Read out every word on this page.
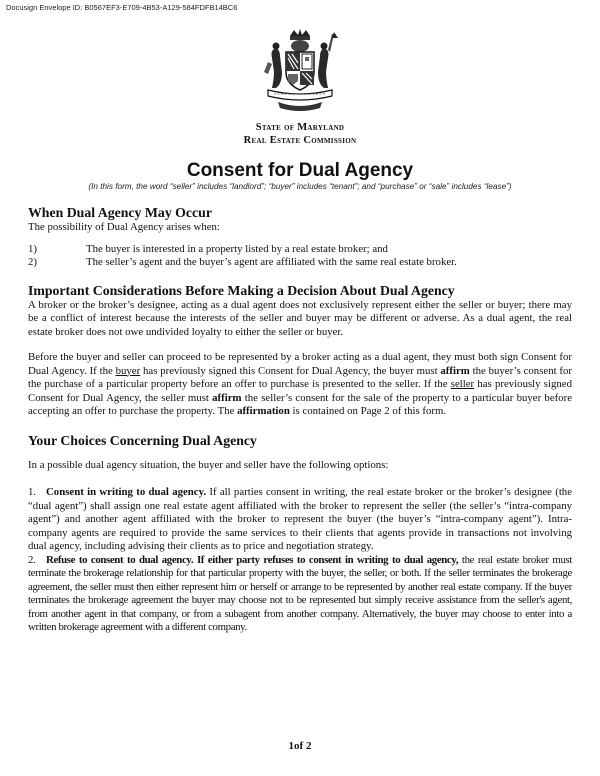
Docusign Envelope ID: B0567EF3-E709-4B53-A129-584FDFB14BC6
State of Maryland
Real Estate Commission
Consent for Dual Agency
(In this form, the word “seller” includes “landlord”; “buyer” includes “tenant”; and “purchase” or “sale” includes “lease”)
When Dual Agency May Occur

The possibility of Dual Agency arises when:

1)	The buyer is interested in a property listed by a real estate broker; and
2)	The seller’s agent and the buyer’s agent are affiliated with the same real estate broker.
Important Considerations Before Making a Decision About Dual Agency

A broker or the broker’s designee, acting as a dual agent does not exclusively represent either the seller or buyer; there may be a conflict of interest because the interests of the seller and buyer may be different or adverse. As a dual agent, the real estate broker does not owe undivided loyalty to either the seller or buyer.

Before the buyer and seller can proceed to be represented by a broker acting as a dual agent, they must both sign Consent for Dual Agency. If the buyer has previously signed this Consent for Dual Agency, the buyer must affirm the buyer’s consent for the purchase of a particular property before an offer to purchase is presented to the seller. If the seller has previously signed Consent for Dual Agency, the seller must affirm the seller’s consent for the sale of the property to a particular buyer before accepting an offer to purchase the property. The affirmation is contained on Page 2 of this form.

Your Choices Concerning Dual Agency

In a possible dual agency situation, the buyer and seller have the following options:

1. Consent in writing to dual agency. If all parties consent in writing, the real estate broker or the broker’s designee (the “dual agent”) shall assign one real estate agent affiliated with the broker to represent the seller (the seller’s “intra-company agent”) and another agent affiliated with the broker to represent the buyer (the buyer’s “intra-company agent”). Intra-company agents are required to provide the same services to their clients that agents provide in transactions not involving dual agency, including advising their clients as to price and negotiation strategy.

2. Refuse to consent to dual agency. If either party refuses to consent in writing to dual agency, the real estate broker must terminate the brokerage relationship for that particular property with the buyer, the seller, or both. If the seller terminates the brokerage agreement, the seller must then either represent him or herself or arrange to be represented by another real estate company. If the buyer terminates the brokerage agreement the buyer may choose not to be represented but simply receive assistance from the seller's agent, from another agent in that company, or from a subagent from another company. Alternatively, the buyer may choose to enter into a written brokerage agreement with a different company.

1of 2
